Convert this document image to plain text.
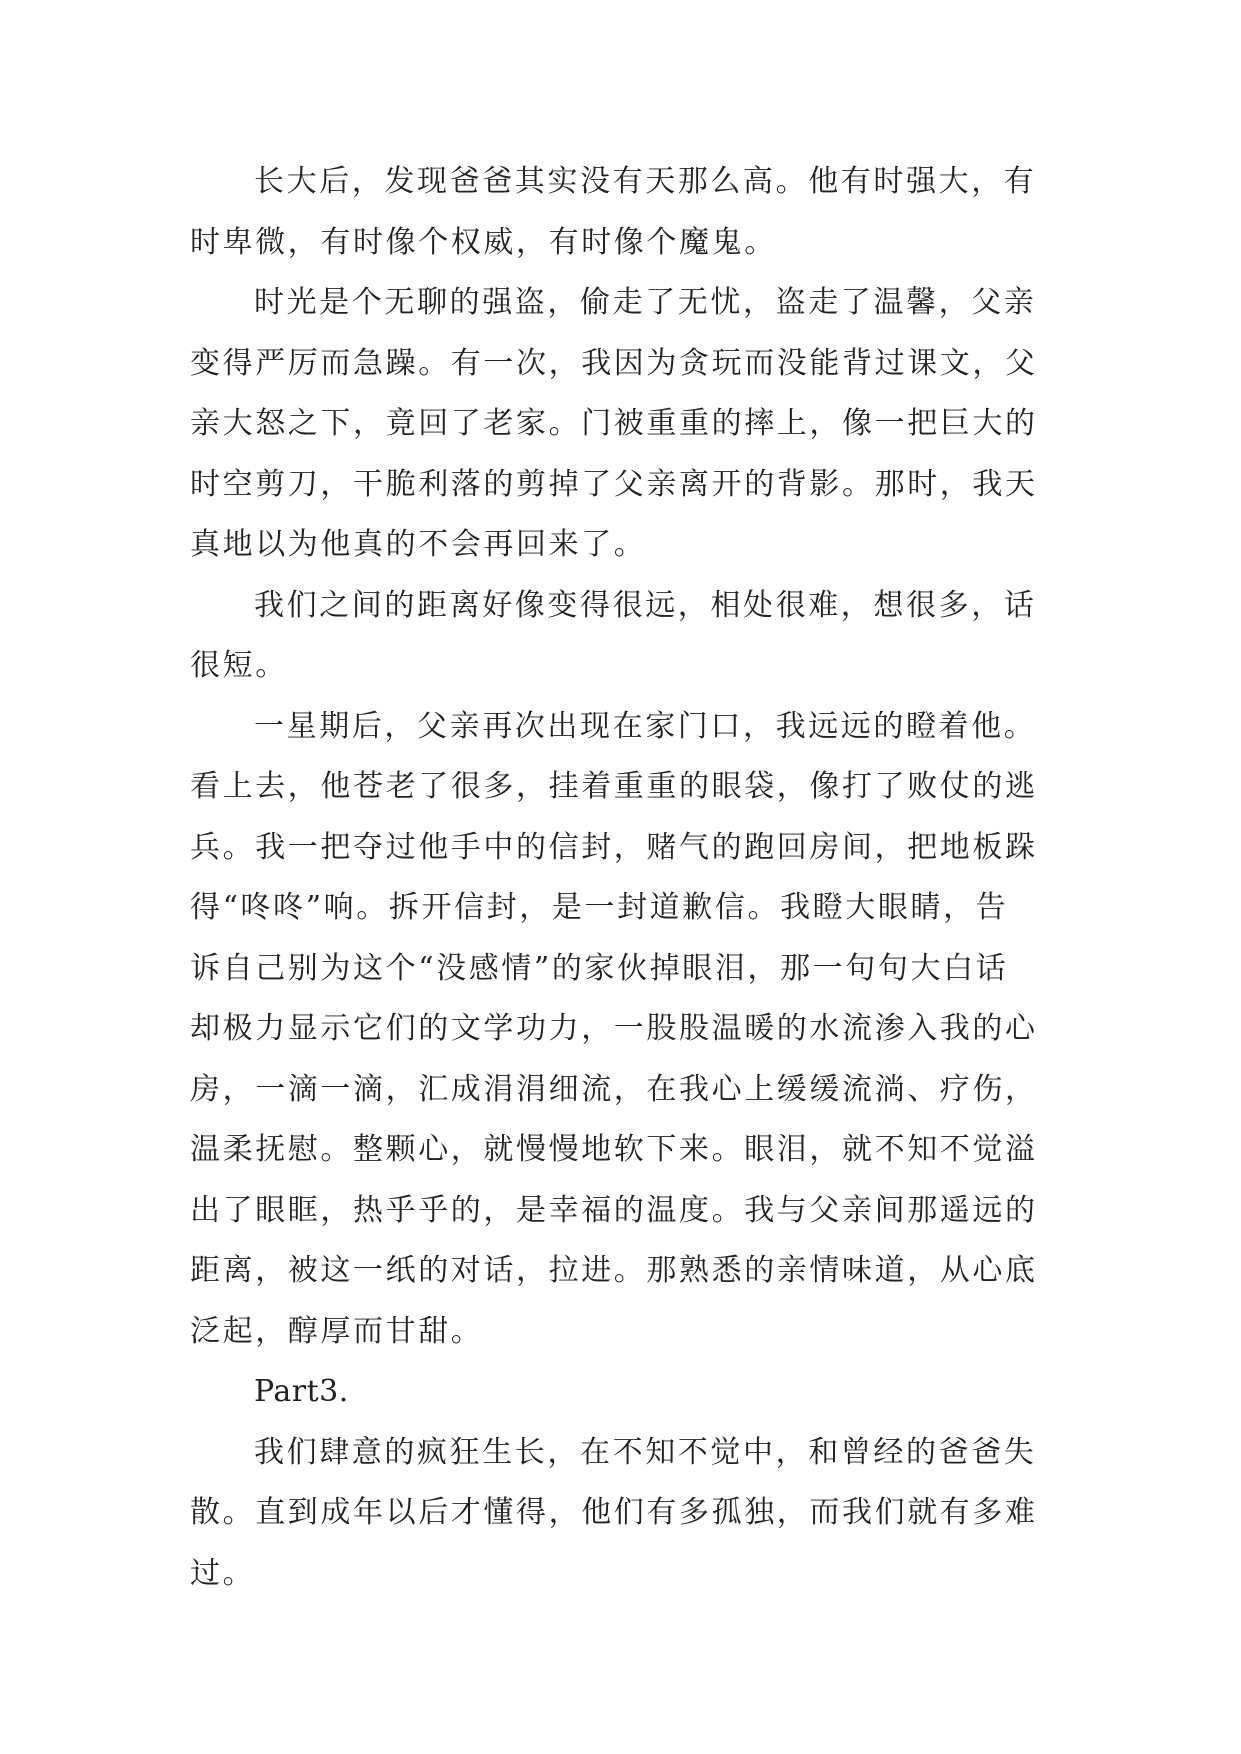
长大后，发现爸爸其实没有天那么高。他有时强大，有
时卑微，有时像个权威，有时像个魔鬼。

时光是个无聊的强盗，偷走了无忧，盗走了温馨，父亲
变得严厉而急躁。有一次，我因为贪玩而没能背过课文，父
亲大怒之下，竟回了老家。门被重重的摔上，像一把巨大的
时空剪刀，干脆利落的剪掉了父亲离开的背影。那时，我天
真地以为他真的不会再回来了。

我们之间的距离好像变得很远，相处很难，想很多，话
很短。

一星期后，父亲再次出现在家门口，我远远的瞪着他。
看上去，他苍老了很多，挂着重重的眼袋，像打了败仗的逃
兵。我一把夺过他手中的信封，赌气的跑回房间，把地板跺
得“咚咚”响。拆开信封，是一封道歉信。我瞪大眼睛，告
诉自己别为这个“没感情”的家伙掉眼泪，那一句句大白话
却极力显示它们的文学功力，一股股温暖的水流渗入我的心
房，一滴一滴，汇成涓涓细流，在我心上缓缓流淌、疗伤，
温柔抚慰。整颗心，就慢慢地软下来。眼泪，就不知不觉溢
出了眼眶，热乎乎的，是幸福的温度。我与父亲间那遥远的
距离，被这一纸的对话，拉进。那熟悉的亲情味道，从心底
泛起，醇厚而甘甜。

Part3.

我们肆意的疯狂生长，在不知不觉中，和曾经的爸爸失
散。直到成年以后才懂得，他们有多孤独，而我们就有多难
过。
